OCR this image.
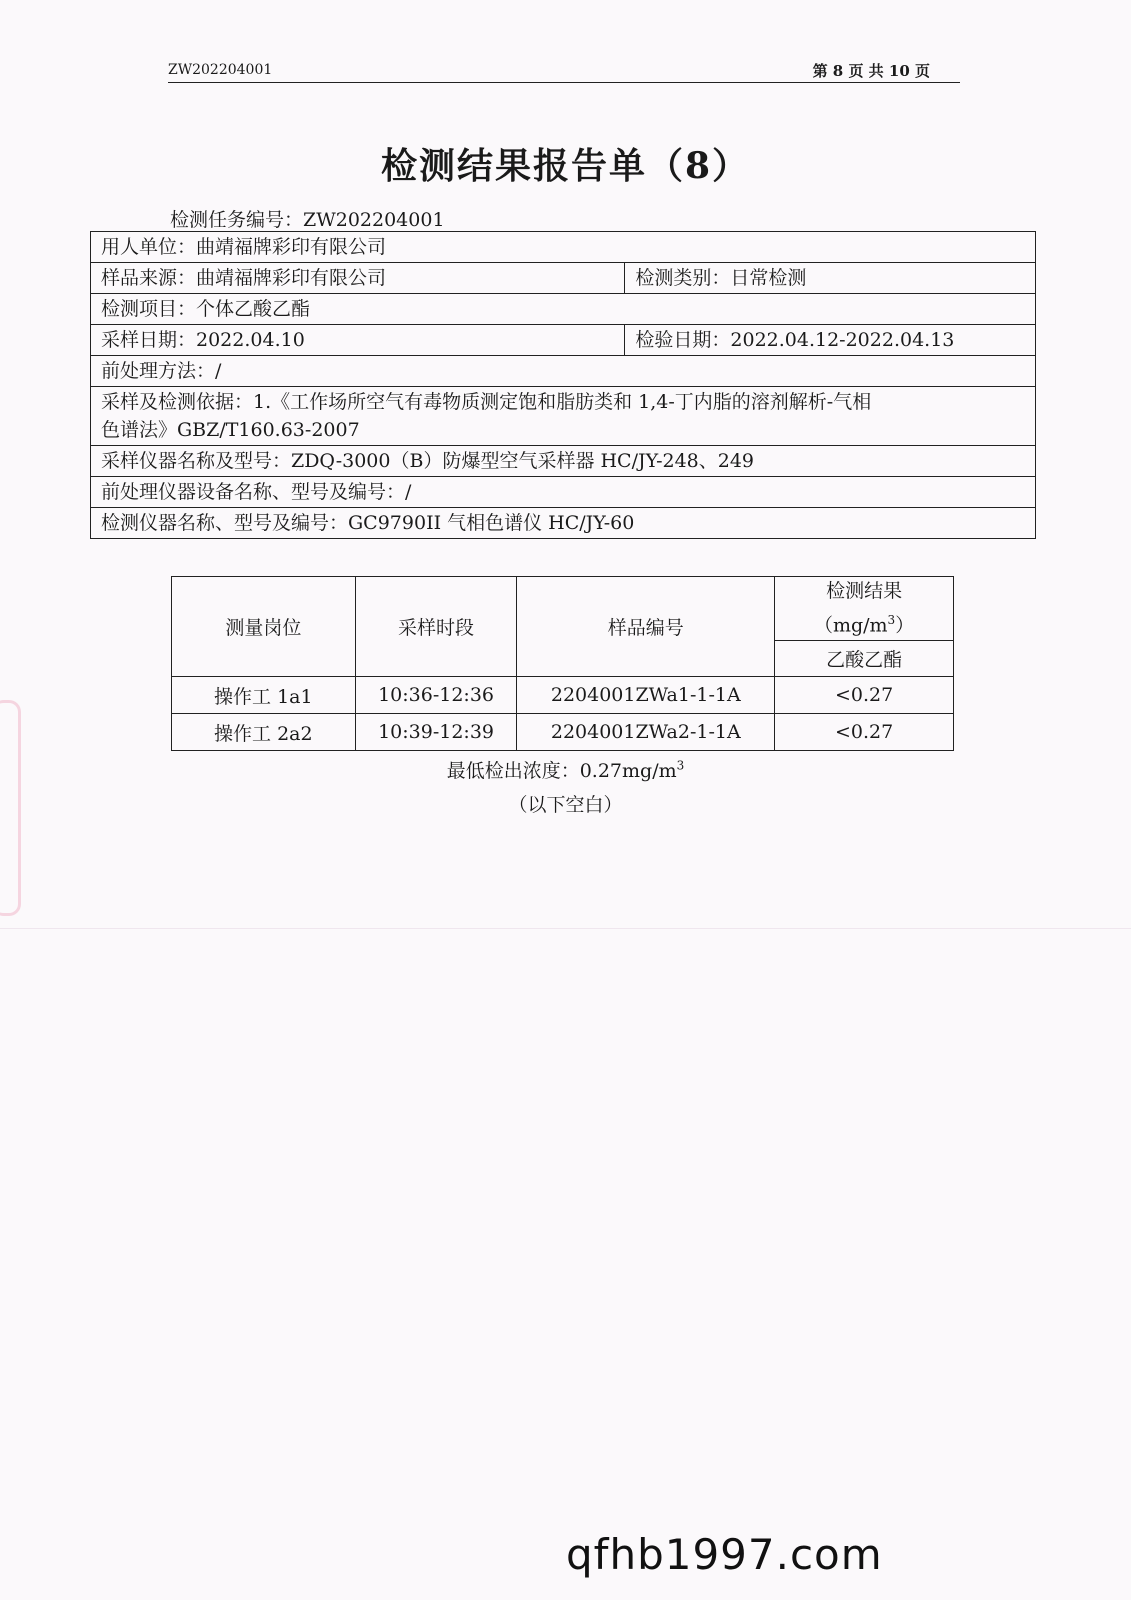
ZW202204001	第 8 页 共 10 页
检测结果报告单（8）
检测任务编号：ZW202204001
用人单位：曲靖福牌彩印有限公司	
样品来源：曲靖福牌彩印有限公司	检测类别：日常检测
检测项目：个体乙酸乙酯	
采样日期：2022.04.10	检验日期：2022.04.12-2022.04.13
前处理方法：/	

采样及检测依据：1.《工作场所空气有毒物质测定饱和脂肪类和 1,4-丁内脂的溶剂解析-气相
色谱法》GBZ/T160.63-2007	

采样仪器名称及型号：ZDQ-3000（B）防爆型空气采样器 HC/JY-248、249	
前处理仪器设备名称、型号及编号：/	
检测仪器名称、型号及编号：GC9790II 气相色谱仪 HC/JY-60	
测量岗位	采样时段	样品编号	检测结果
$(mg/m^3)$

			乙酸乙酯
操作工 1a1	10:36-12:36	2204001ZWa1-1-1A	<0.27
操作工 2a2	10:39-12:39	2204001ZWa2-1-1A	<0.27
最低检出浓度：$0.27mg/m^3$
（以下空白）
qfhb1997.com
